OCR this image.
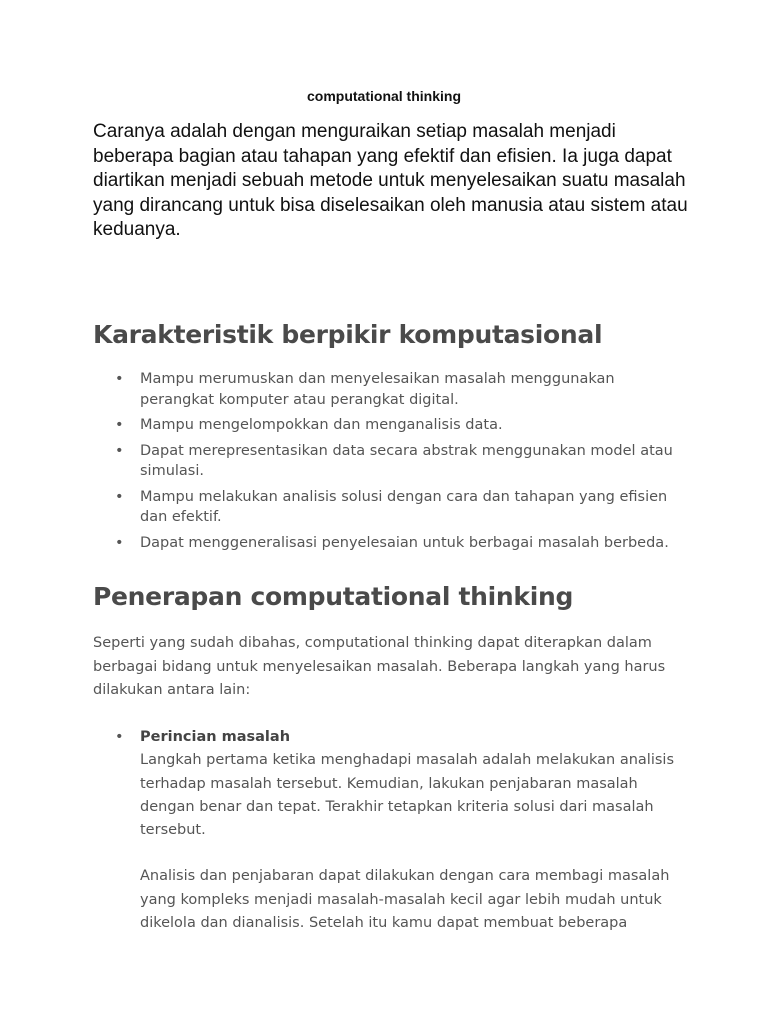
computational thinking

Caranya adalah dengan menguraikan setiap masalah menjadi beberapa bagian atau tahapan yang efektif dan efisien. Ia juga dapat diartikan menjadi sebuah metode untuk menyelesaikan suatu masalah yang dirancang untuk bisa diselesaikan oleh manusia atau sistem atau keduanya.

Karakteristik berpikir komputasional
• Mampu merumuskan dan menyelesaikan masalah menggunakan perangkat komputer atau perangkat digital.
• Mampu mengelompokkan dan menganalisis data.
• Dapat merepresentasikan data secara abstrak menggunakan model atau simulasi.
• Mampu melakukan analisis solusi dengan cara dan tahapan yang efisien dan efektif.
• Dapat menggeneralisasi penyelesaian untuk berbagai masalah berbeda.
Penerapan computational thinking

Seperti yang sudah dibahas, computational thinking dapat diterapkan dalam berbagai bidang untuk menyelesaikan masalah. Beberapa langkah yang harus dilakukan antara lain:

• Perincian masalah
Langkah pertama ketika menghadapi masalah adalah melakukan analisis terhadap masalah tersebut. Kemudian, lakukan penjabaran masalah dengan benar dan tepat. Terakhir tetapkan kriteria solusi dari masalah tersebut.
Analisis dan penjabaran dapat dilakukan dengan cara membagi masalah yang kompleks menjadi masalah-masalah kecil agar lebih mudah untuk dikelola dan dianalisis. Setelah itu kamu dapat membuat beberapa
